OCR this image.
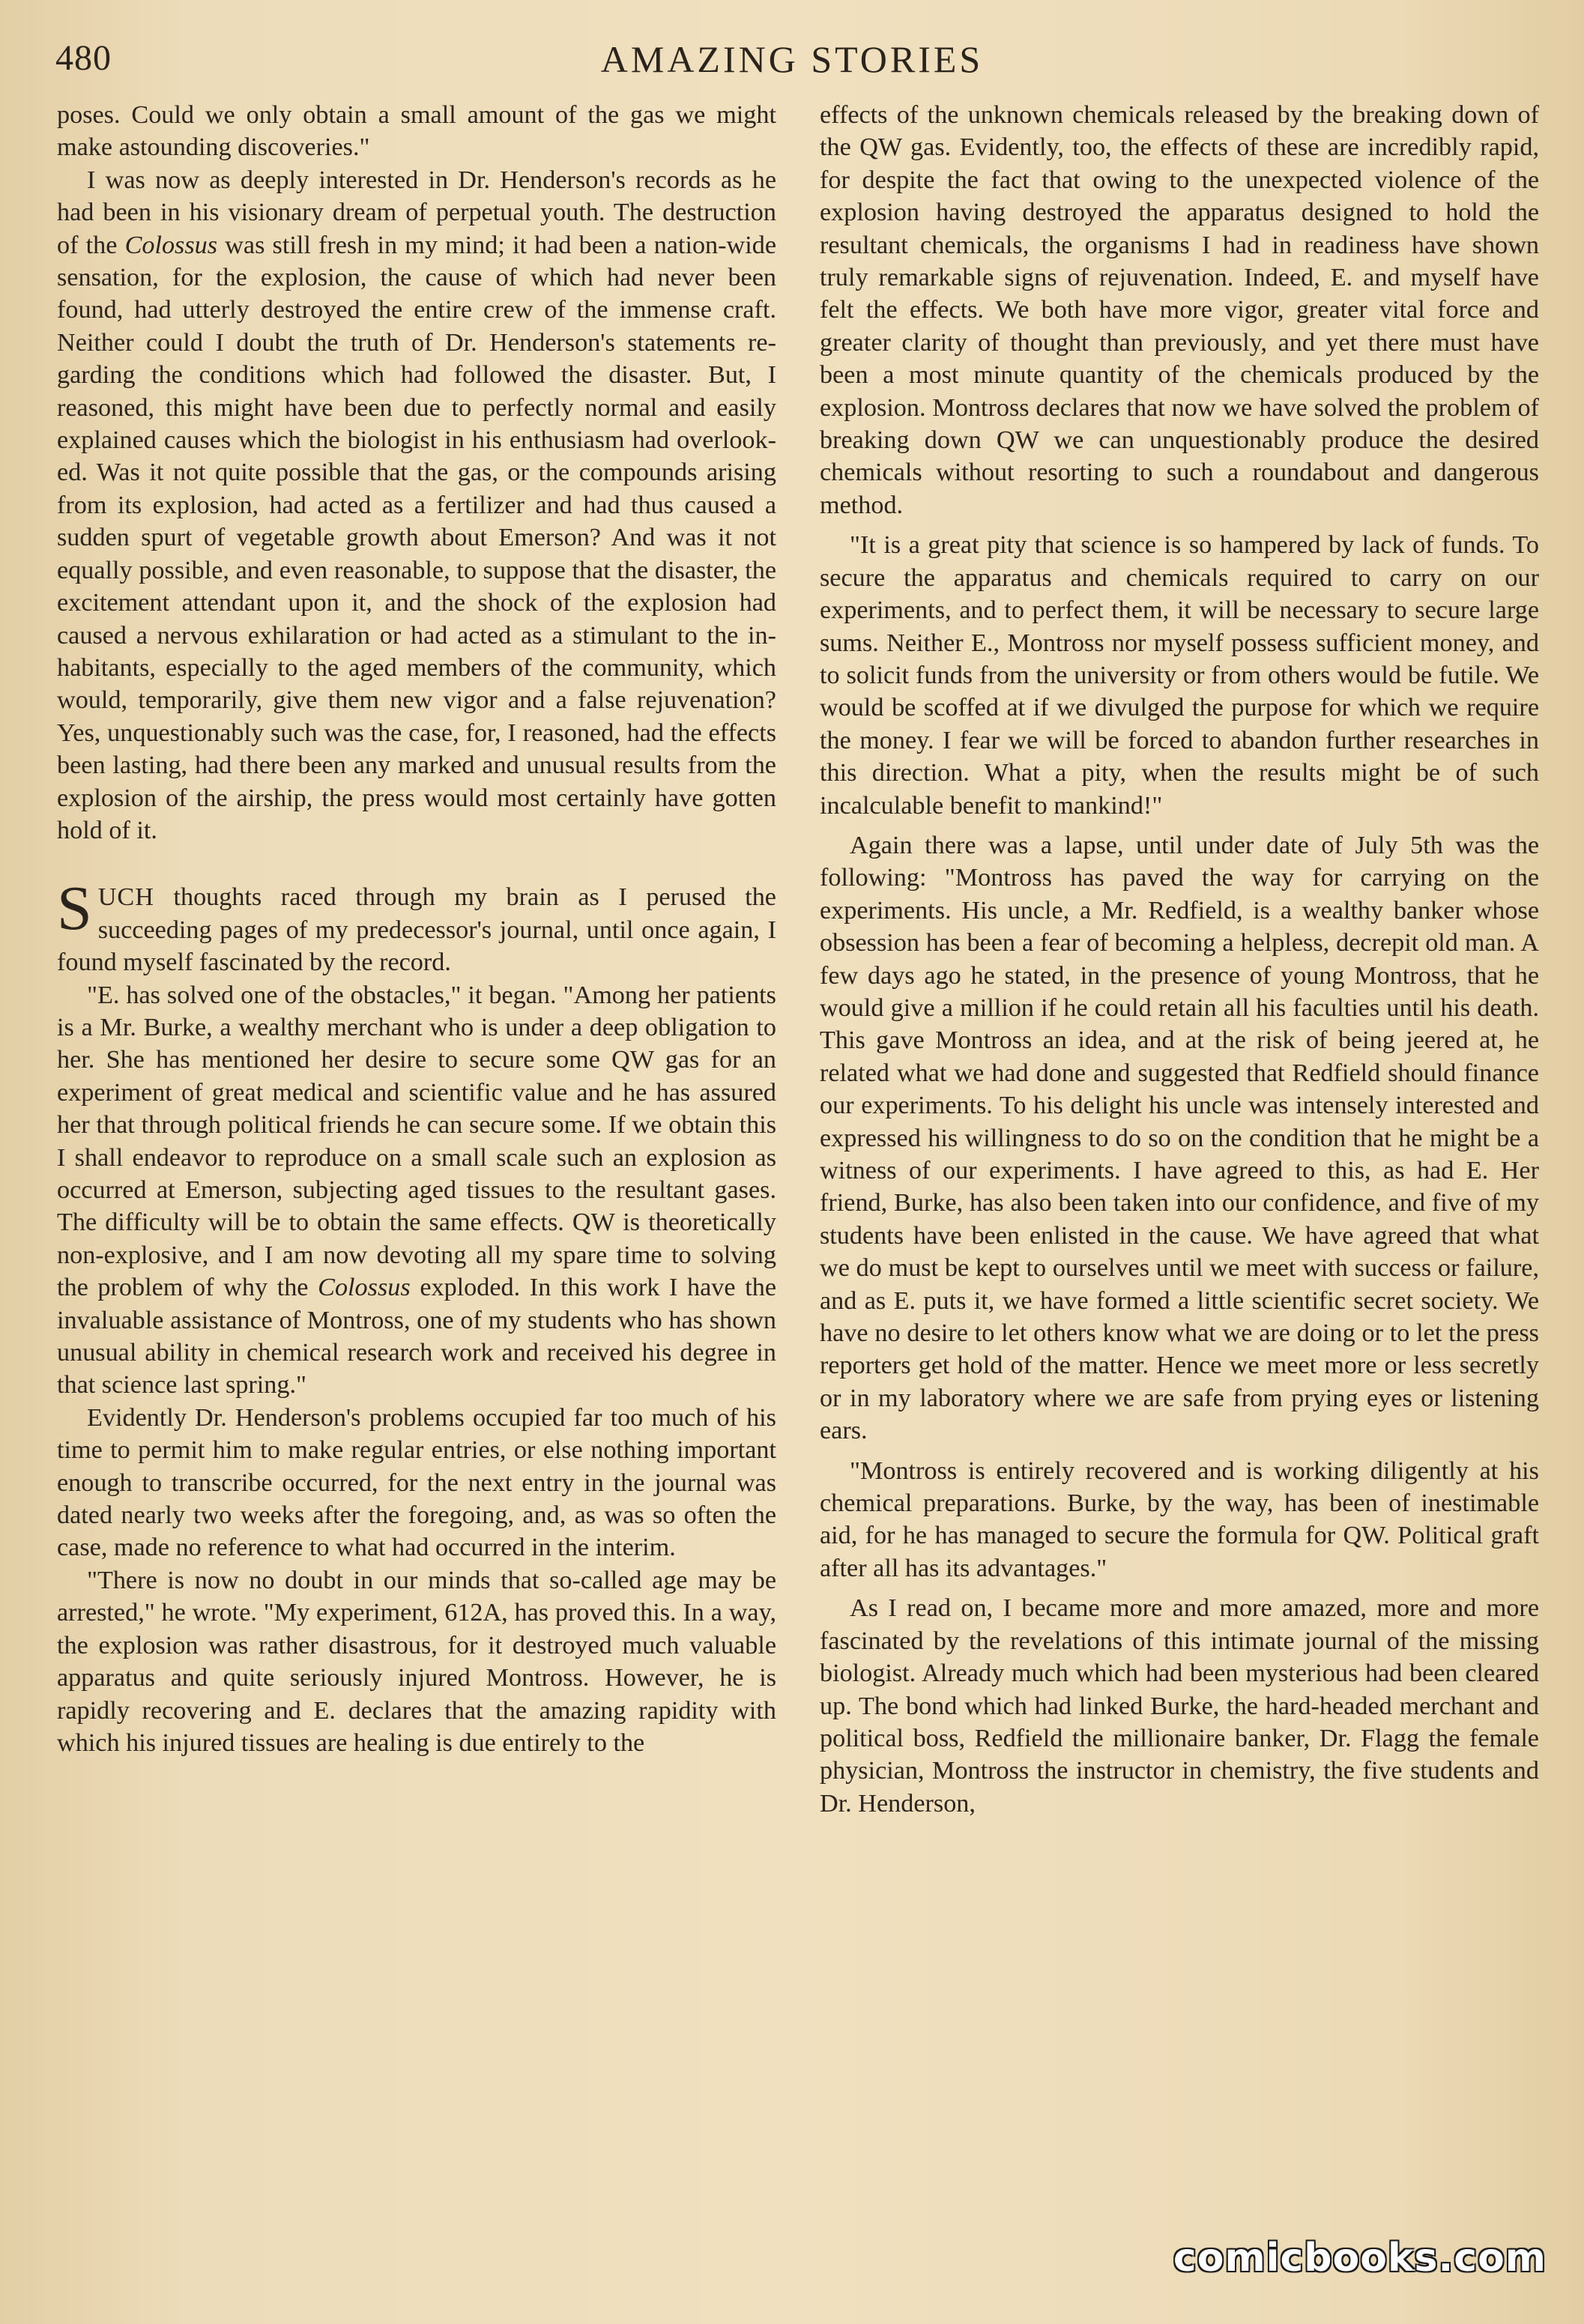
480	AMAZING STORIES

poses. Could we only obtain a small amount of the gas we might make astounding discoveries."

I was now as deeply interested in Dr. Henderson's records as he had been in his visionary dream of perpetual youth. The destruction of the Colossus was still fresh in my mind; it had been a nation-wide sensation, for the explosion, the cause of which had never been found, had utterly destroyed the entire crew of the immense craft. Neither could I doubt the truth of Dr. Henderson's statements regarding the conditions which had followed the disaster. But, I reasoned, this might have been due to perfectly normal and easily explained causes which the biologist in his enthusiasm had overlooked. Was it not quite possible that the gas, or the compounds arising from its explosion, had acted as a fertilizer and had thus caused a sudden spurt of vegetable growth about Emerson? And was it not equally possible, and even reasonable, to suppose that the disaster, the excitement attendant upon it, and the shock of the explosion had caused a nervous exhilaration or had acted as a stimulant to the inhabitants, especially to the aged members of the community, which would, temporarily, give them new vigor and a false rejuvenation? Yes, unquestionably such was the case, for, I reasoned, had the effects been lasting, had there been any marked and unusual results from the explosion of the airship, the press would most certainly have gotten hold of it.

SUCH thoughts raced through my brain as I perused the succeeding pages of my predecessor's journal, until once again, I found myself fascinated by the record.

"E. has solved one of the obstacles," it began. "Among her patients is a Mr. Burke, a wealthy merchant who is under a deep obligation to her. She has mentioned her desire to secure some QW gas for an experiment of great medical and scientific value and he has assured her that through political friends he can secure some. If we obtain this I shall endeavor to reproduce on a small scale such an explosion as occurred at Emerson, subjecting aged tissues to the resultant gases. The difficulty will be to obtain the same effects. QW is theoretically non-explosive, and I am now devoting all my spare time to solving the problem of why the Colossus exploded. In this work I have the invaluable assistance of Montross, one of my students who has shown unusual ability in chemical research work and received his degree in that science last spring."

Evidently Dr. Henderson's problems occupied far too much of his time to permit him to make regular entries, or else nothing important enough to transcribe occurred, for the next entry in the journal was dated nearly two weeks after the foregoing, and, as was so often the case, made no reference to what had occurred in the interim.

"There is now no doubt in our minds that so-called age may be arrested," he wrote. "My experiment, 612A, has proved this. In a way, the explosion was rather disastrous, for it destroyed much valuable apparatus and quite seriously injured Montross. However, he is rapidly recovering and E. declares that the amazing rapidity with which his injured tissues are healing is due entirely to the

effects of the unknown chemicals released by the breaking down of the QW gas. Evidently, too, the effects of these are incredibly rapid, for despite the fact that owing to the unexpected violence of the explosion having destroyed the apparatus designed to hold the resultant chemicals, the organisms I had in readiness have shown truly remarkable signs of rejuvenation. Indeed, E. and myself have felt the effects. We both have more vigor, greater vital force and greater clarity of thought than previously, and yet there must have been a most minute quantity of the chemicals produced by the explosion. Montross declares that now we have solved the problem of breaking down QW we can unquestionably produce the desired chemicals without resorting to such a roundabout and dangerous method.

"It is a great pity that science is so hampered by lack of funds. To secure the apparatus and chemicals required to carry on our experiments, and to perfect them, it will be necessary to secure large sums. Neither E., Montross nor myself possess sufficient money, and to solicit funds from the university or from others would be futile. We would be scoffed at if we divulged the purpose for which we require the money. I fear we will be forced to abandon further researches in this direction. What a pity, when the results might be of such incalculable benefit to mankind!"

Again there was a lapse, until under date of July 5th was the following: "Montross has paved the way for carrying on the experiments. His uncle, a Mr. Redfield, is a wealthy banker whose obsession has been a fear of becoming a helpless, decrepit old man. A few days ago he stated, in the presence of young Montross, that he would give a million if he could retain all his faculties until his death. This gave Montross an idea, and at the risk of being jeered at, he related what we had done and suggested that Redfield should finance our experiments. To his delight his uncle was intensely interested and expressed his willingness to do so on the condition that he might be a witness of our experiments. I have agreed to this, as had E. Her friend, Burke, has also been taken into our confidence, and five of my students have been enlisted in the cause. We have agreed that what we do must be kept to ourselves until we meet with success or failure, and as E. puts it, we have formed a little scientific secret society. We have no desire to let others know what we are doing or to let the press reporters get hold of the matter. Hence we meet more or less secretly or in my laboratory where we are safe from prying eyes or listening ears.

"Montross is entirely recovered and is working diligently at his chemical preparations. Burke, by the way, has been of inestimable aid, for he has managed to secure the formula for QW. Political graft after all has its advantages."

As I read on, I became more and more amazed, more and more fascinated by the revelations of this intimate journal of the missing biologist. Already much which had been mysterious had been cleared up. The bond which had linked Burke, the hard-headed merchant and political boss, Redfield the millionaire banker, Dr. Flagg the female physician, Montross the instructor in chemistry, the five students and Dr. Henderson,

comicbooks.com
